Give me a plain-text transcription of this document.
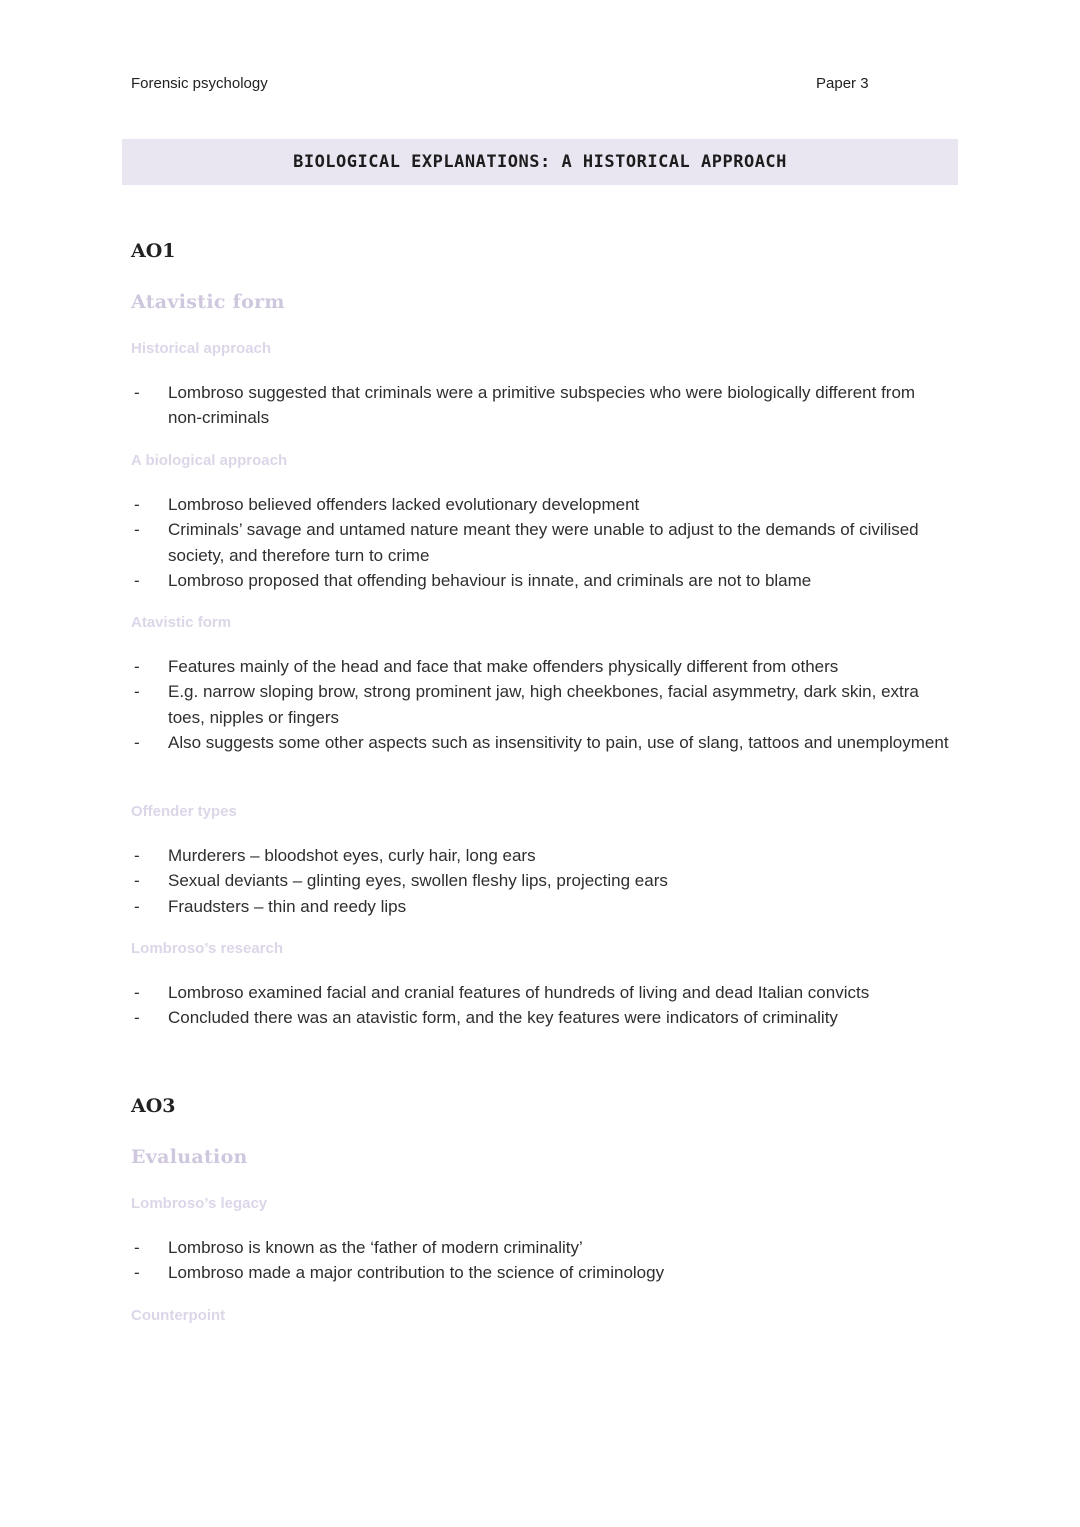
Forensic psychology	Paper 3
BIOLOGICAL EXPLANATIONS: A HISTORICAL APPROACH
AO1
Atavistic form
Historical approach
- Lombroso suggested that criminals were a primitive subspecies who were biologically different from non-criminals
A biological approach
- Lombroso believed offenders lacked evolutionary development
- Criminals’ savage and untamed nature meant they were unable to adjust to the demands of civilised society, and therefore turn to crime
- Lombroso proposed that offending behaviour is innate, and criminals are not to blame
Atavistic form
- Features mainly of the head and face that make offenders physically different from others
- E.g. narrow sloping brow, strong prominent jaw, high cheekbones, facial asymmetry, dark skin, extra toes, nipples or fingers
- Also suggests some other aspects such as insensitivity to pain, use of slang, tattoos and unemployment
Offender types
- Murderers – bloodshot eyes, curly hair, long ears
- Sexual deviants – glinting eyes, swollen fleshy lips, projecting ears
- Fraudsters – thin and reedy lips
Lombroso’s research
- Lombroso examined facial and cranial features of hundreds of living and dead Italian convicts
- Concluded there was an atavistic form, and the key features were indicators of criminality
AO3
Evaluation
Lombroso’s legacy
- Lombroso is known as the ‘father of modern criminality’
- Lombroso made a major contribution to the science of criminology
Counterpoint
